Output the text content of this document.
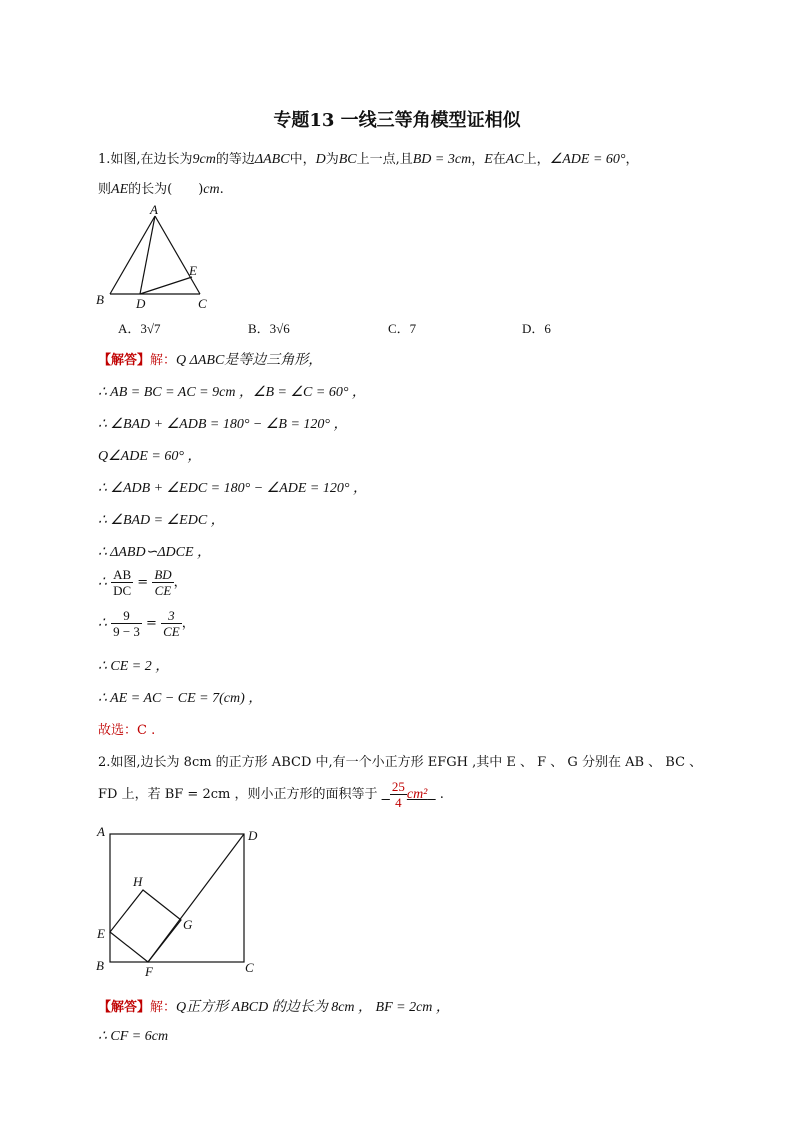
专题13 一线三等角模型证相似
1.如图,在边长为9cm的等边ΔABC中，D为BC上一点,且BD = 3cm，E在AC上，∠ADE = 60°，
则AE的长为(　　)cm.
A
B	C
D
E
A．3√7	B．3√6	C．7	D．6
【解答】解：Q ΔABC是等边三角形，
∴ AB = BC = AC = 9cm ，∠B = ∠C = 60° ，
∴ ∠BAD + ∠ADB = 180° − ∠B = 120° ，
Q∠ADE = 60° ，
∴ ∠ADB + ∠EDC = 180° − ∠ADE = 120° ，
∴ ∠BAD = ∠EDC ，
∴ ΔABD∽ΔDCE ，
∴ $\frac{AB}{DC} = \frac{BD}{CE}$ ，
∴ $\frac{9}{9 - 3} = \frac{3}{CE}$ ，
∴ CE = 2 ，
∴ AE = AC − CE = 7(cm) ，
故选：C .
2.如图,边长为 8cm 的正方形 ABCD 中,有一个小正方形 EFGH ,其中 E 、 F 、 G 分别在 AB 、 BC 、
FD 上，若 BF = 2cm ，则小正方形的面积等于 $\frac{25}{4} cm^2$   .
A	D
B	C
E
F
G
H
【解答】解：Q正方形 ABCD 的边长为 8cm ， BF = 2cm ，
∴ CF = 6cm
